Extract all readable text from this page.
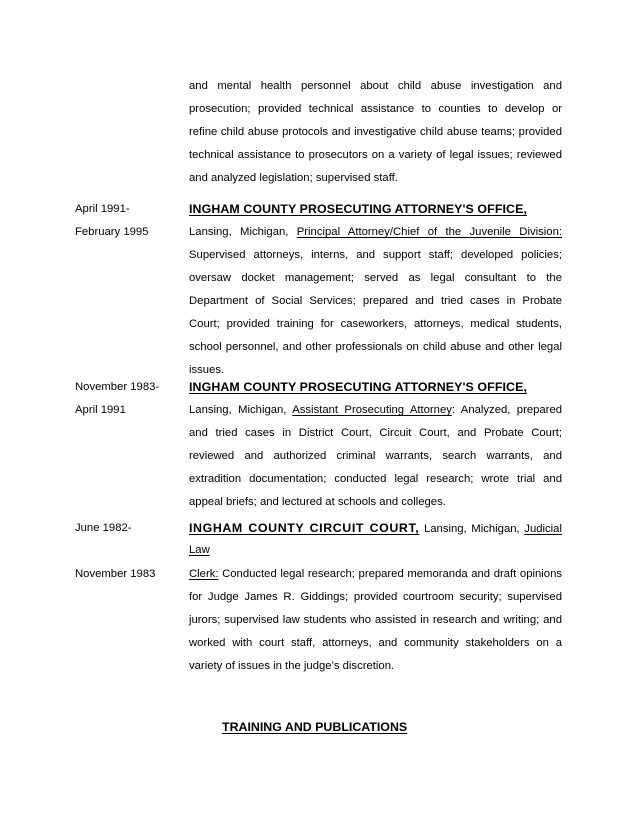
and mental health personnel about child abuse investigation and
prosecution; provided technical assistance to counties to develop or
refine child abuse protocols and investigative child abuse teams; provided
technical assistance to prosecutors on a variety of legal issues; reviewed
and analyzed legislation; supervised staff.
April 1991-
February 1995
INGHAM COUNTY PROSECUTING ATTORNEY'S OFFICE,
Lansing, Michigan, Principal Attorney/Chief of the Juvenile Division:
Supervised attorneys, interns, and support staff; developed policies;
oversaw docket management; served as legal consultant to the
Department of Social Services; prepared and tried cases in Probate
Court; provided training for caseworkers, attorneys, medical students,
school personnel, and other professionals on child abuse and other legal
issues.
November 1983-
April 1991
INGHAM COUNTY PROSECUTING ATTORNEY'S OFFICE,
Lansing, Michigan, Assistant Prosecuting Attorney: Analyzed, prepared
and tried cases in District Court, Circuit Court, and Probate Court;
reviewed and authorized criminal warrants, search warrants, and
extradition documentation; conducted legal research; wrote trial and
appeal briefs; and lectured at schools and colleges.
June 1982-
November 1983
INGHAM COUNTY CIRCUIT COURT, Lansing, Michigan, Judicial
Law
Clerk: Conducted legal research; prepared memoranda and draft opinions
for Judge James R. Giddings; provided courtroom security; supervised
jurors; supervised law students who assisted in research and writing; and
worked with court staff, attorneys, and community stakeholders on a
variety of issues in the judge’s discretion.
TRAINING AND PUBLICATIONS
